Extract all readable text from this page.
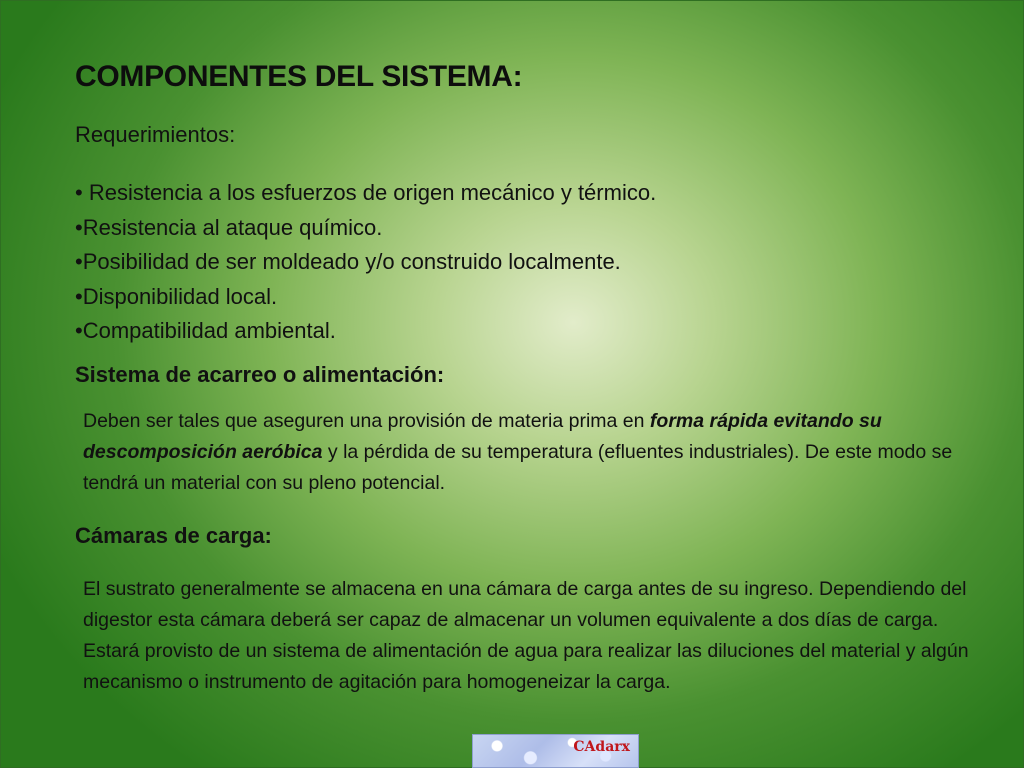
COMPONENTES DEL SISTEMA:
Requerimientos:
• Resistencia a los esfuerzos de origen mecánico y térmico.
•Resistencia al ataque químico.
•Posibilidad de ser moldeado y/o construido localmente.
•Disponibilidad local.
•Compatibilidad ambiental.
Sistema de acarreo o alimentación:
Deben ser tales que aseguren una provisión de materia prima en forma rápida evitando su descomposición aeróbica y la pérdida de su temperatura (efluentes industriales). De este modo se tendrá un material con su pleno potencial.
Cámaras de carga:

El sustrato generalmente se almacena en una cámara de carga antes de su ingreso. Dependiendo del digestor esta cámara deberá ser capaz de almacenar un volumen equivalente a dos días de carga.

Estará provisto de un sistema de alimentación de agua para realizar las diluciones del material y algún mecanismo o instrumento de agitación para homogeneizar la carga.

CAdarx
